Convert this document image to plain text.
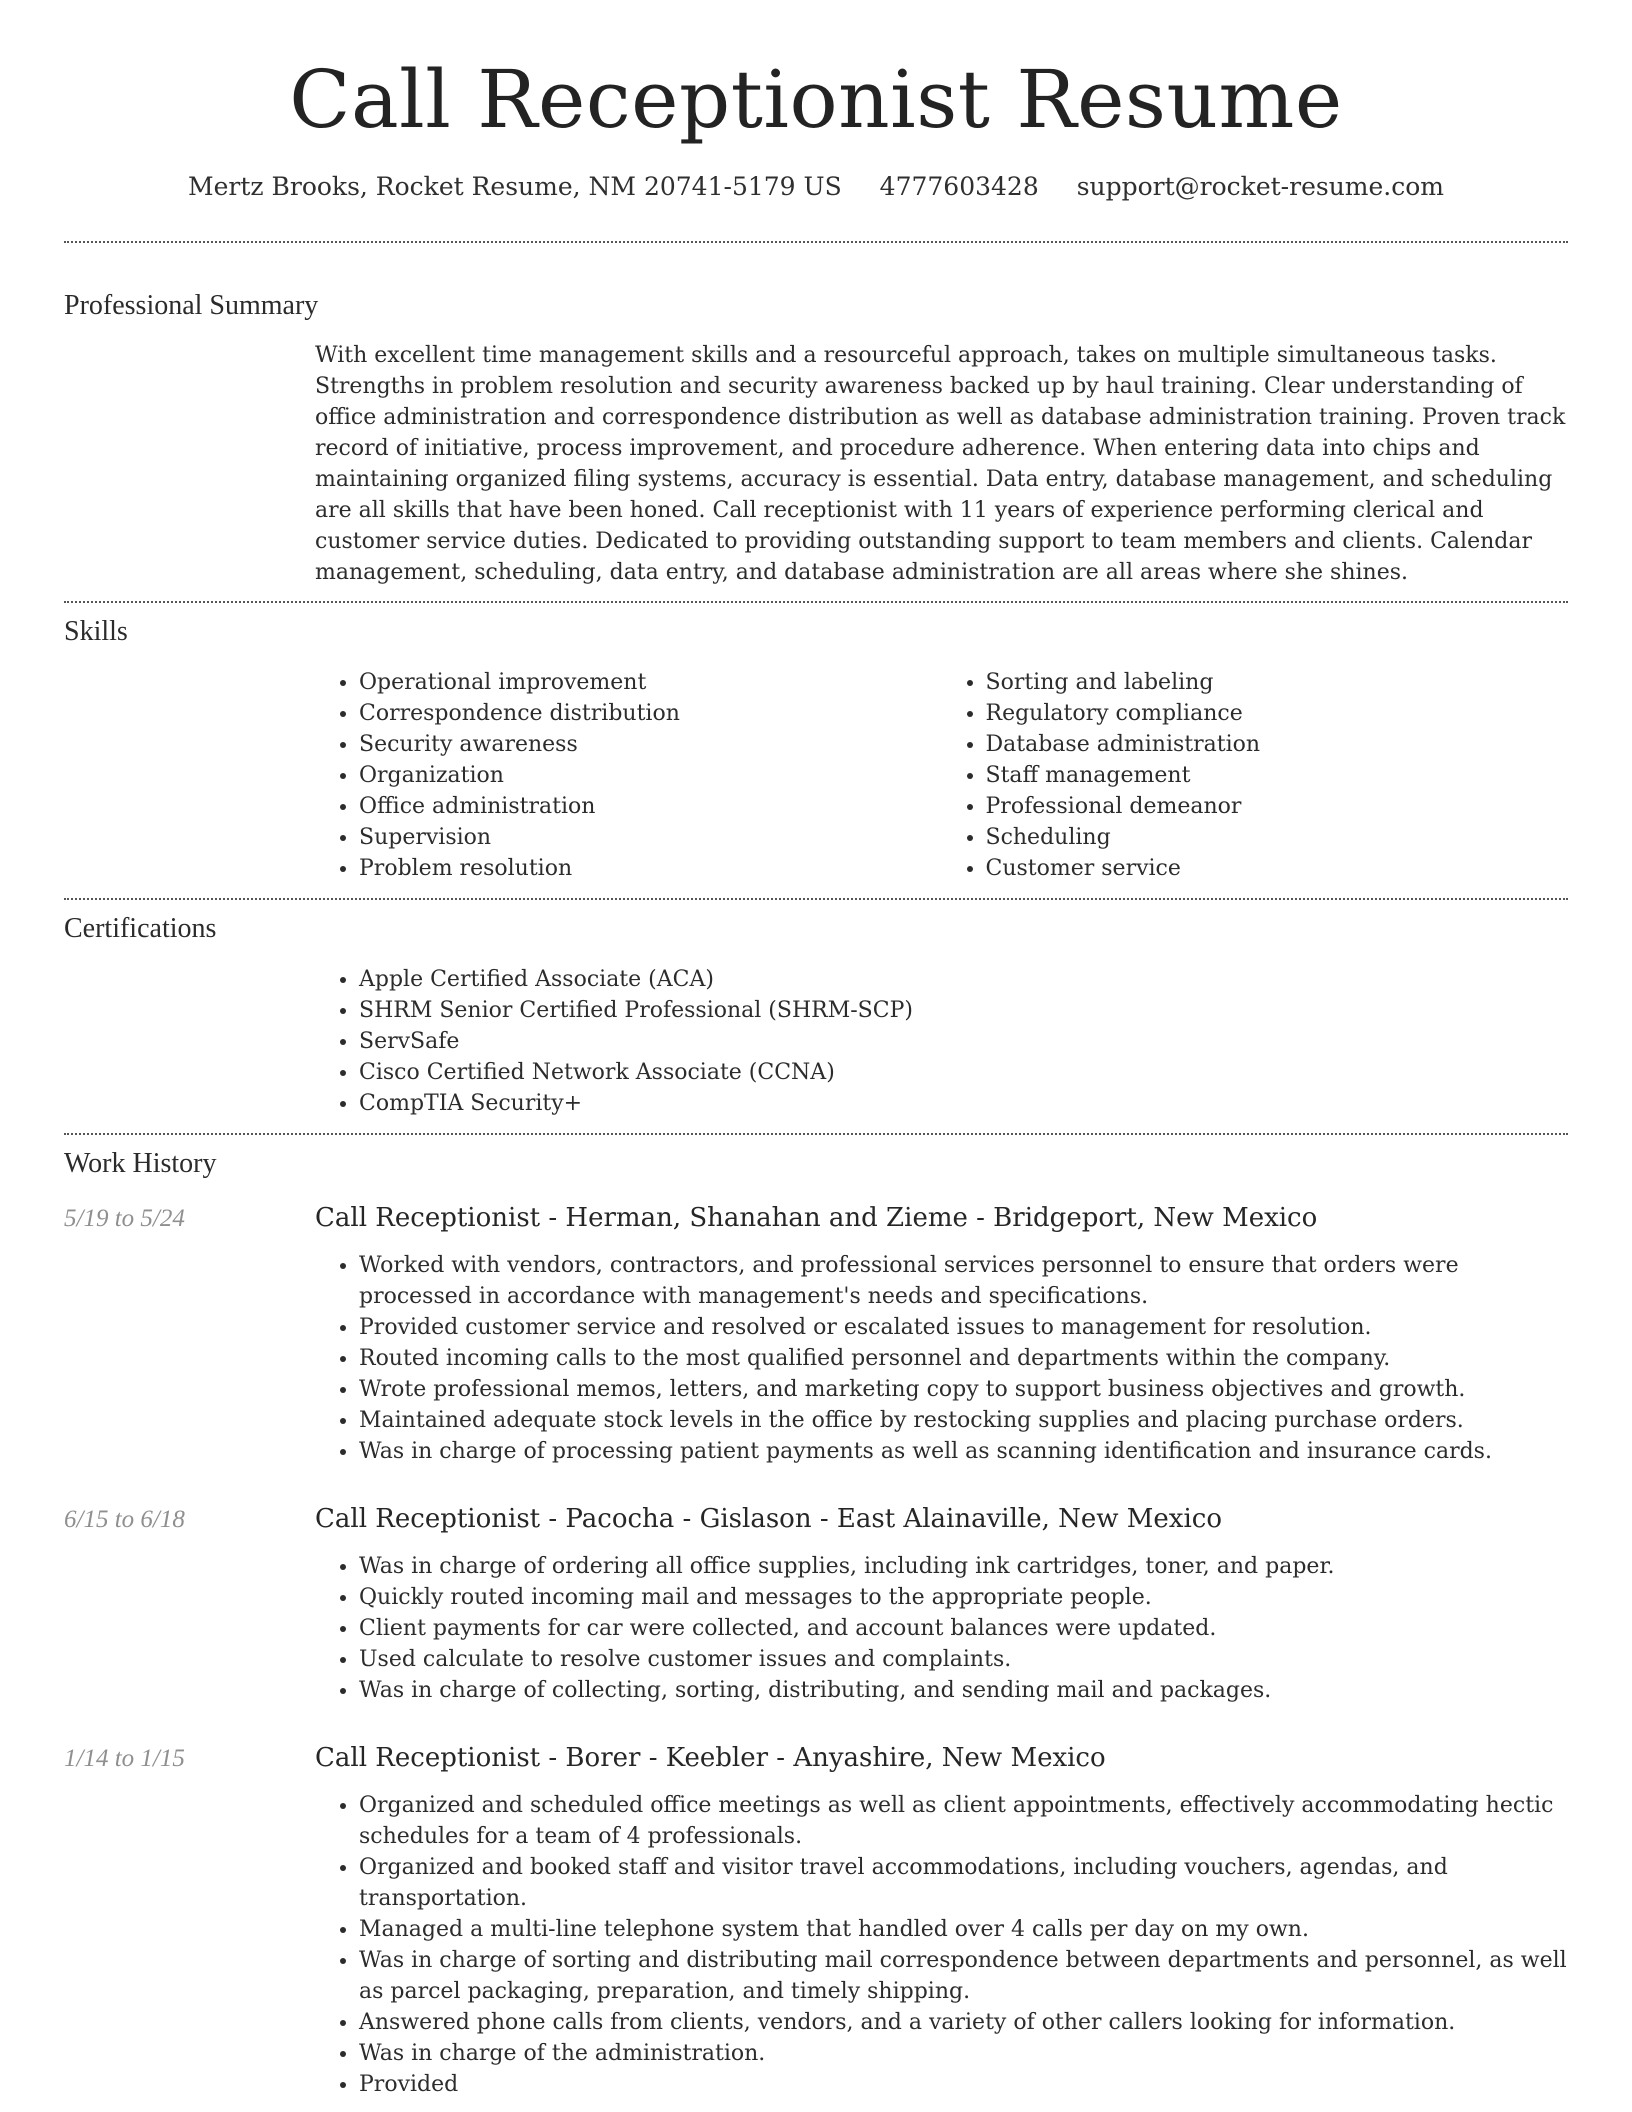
Call Receptionist Resume
Mertz Brooks, Rocket Resume, NM 20741-5179 US 4777603428 support@rocket-resume.com
Professional Summary

With excellent time management skills and a resourceful approach, takes on multiple simultaneous tasks. Strengths in problem resolution and security awareness backed up by haul training. Clear understanding of office administration and correspondence distribution as well as database administration training. Proven track record of initiative, process improvement, and procedure adherence. When entering data into chips and maintaining organized filing systems, accuracy is essential. Data entry, database management, and scheduling are all skills that have been honed. Call receptionist with 11 years of experience performing clerical and customer service duties. Dedicated to providing outstanding support to team members and clients. Calendar management, scheduling, data entry, and database administration are all areas where she shines.

Skills
• Operational improvement
• Correspondence distribution
• Security awareness
• Organization
• Office administration
• Supervision
• Problem resolution
• Sorting and labeling
• Regulatory compliance
• Database administration
• Staff management
• Professional demeanor
• Scheduling
• Customer service
Certifications
• Apple Certified Associate (ACA)
• SHRM Senior Certified Professional (SHRM-SCP)
• ServSafe
• Cisco Certified Network Associate (CCNA)
• CompTIA Security+
Work History
5/19 to 5/24	Call Receptionist - Herman, Shanahan and Zieme - Bridgeport, New Mexico
• Worked with vendors, contractors, and professional services personnel to ensure that orders were processed in accordance with management's needs and specifications.
• Provided customer service and resolved or escalated issues to management for resolution.
• Routed incoming calls to the most qualified personnel and departments within the company.
• Wrote professional memos, letters, and marketing copy to support business objectives and growth.
• Maintained adequate stock levels in the office by restocking supplies and placing purchase orders.
• Was in charge of processing patient payments as well as scanning identification and insurance cards.
6/15 to 6/18	Call Receptionist - Pacocha - Gislason - East Alainaville, New Mexico
• Was in charge of ordering all office supplies, including ink cartridges, toner, and paper.
• Quickly routed incoming mail and messages to the appropriate people.
• Client payments for car were collected, and account balances were updated.
• Used calculate to resolve customer issues and complaints.
• Was in charge of collecting, sorting, distributing, and sending mail and packages.
1/14 to 1/15	Call Receptionist - Borer - Keebler - Anyashire, New Mexico
• Organized and scheduled office meetings as well as client appointments, effectively accommodating hectic schedules for a team of 4 professionals.
• Organized and booked staff and visitor travel accommodations, including vouchers, agendas, and transportation.
• Managed a multi-line telephone system that handled over 4 calls per day on my own.
• Was in charge of sorting and distributing mail correspondence between departments and personnel, as well as parcel packaging, preparation, and timely shipping.
• Answered phone calls from clients, vendors, and a variety of other callers looking for information.
• Was in charge of the administration.
• Provided
